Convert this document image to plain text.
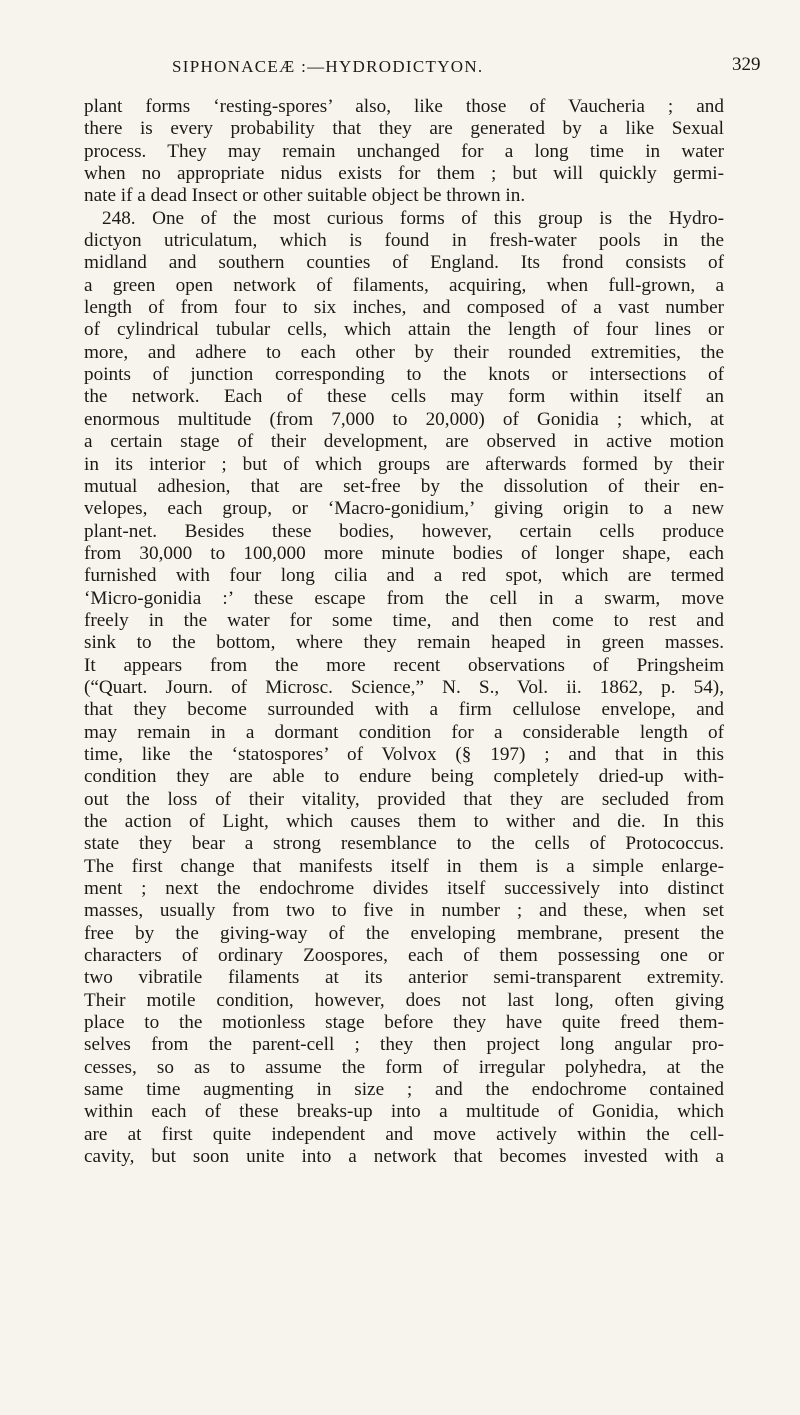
SIPHONACEÆ :—HYDRODICTYON.	329
plant forms ‘resting-spores’ also, like those of Vaucheria ; and
there is every probability that they are generated by a like Sexual
process. They may remain unchanged for a long time in water
when no appropriate nidus exists for them ; but will quickly germi-
nate if a dead Insect or other suitable object be thrown in.
248. One of the most curious forms of this group is the Hydro-
dictyon utriculatum, which is found in fresh-water pools in the
midland and southern counties of England. Its frond consists of
a green open network of filaments, acquiring, when full-grown, a
length of from four to six inches, and composed of a vast number
of cylindrical tubular cells, which attain the length of four lines or
more, and adhere to each other by their rounded extremities, the
points of junction corresponding to the knots or intersections of
the network. Each of these cells may form within itself an
enormous multitude (from 7,000 to 20,000) of Gonidia ; which, at
a certain stage of their development, are observed in active motion
in its interior ; but of which groups are afterwards formed by their
mutual adhesion, that are set-free by the dissolution of their en-
velopes, each group, or ‘Macro-gonidium,’ giving origin to a new
plant-net. Besides these bodies, however, certain cells produce
from 30,000 to 100,000 more minute bodies of longer shape, each
furnished with four long cilia and a red spot, which are termed
‘Micro-gonidia :’ these escape from the cell in a swarm, move
freely in the water for some time, and then come to rest and
sink to the bottom, where they remain heaped in green masses.
It appears from the more recent observations of Pringsheim
(“Quart. Journ. of Microsc. Science,” N. S., Vol. ii. 1862, p. 54),
that they become surrounded with a firm cellulose envelope, and
may remain in a dormant condition for a considerable length of
time, like the ‘statospores’ of Volvox (§ 197) ; and that in this
condition they are able to endure being completely dried-up with-
out the loss of their vitality, provided that they are secluded from
the action of Light, which causes them to wither and die. In this
state they bear a strong resemblance to the cells of Protococcus.
The first change that manifests itself in them is a simple enlarge-
ment ; next the endochrome divides itself successively into distinct
masses, usually from two to five in number ; and these, when set
free by the giving-way of the enveloping membrane, present the
characters of ordinary Zoospores, each of them possessing one or
two vibratile filaments at its anterior semi-transparent extremity.
Their motile condition, however, does not last long, often giving
place to the motionless stage before they have quite freed them-
selves from the parent-cell ; they then project long angular pro-
cesses, so as to assume the form of irregular polyhedra, at the
same time augmenting in size ; and the endochrome contained
within each of these breaks-up into a multitude of Gonidia, which
are at first quite independent and move actively within the cell-
cavity, but soon unite into a network that becomes invested with a
